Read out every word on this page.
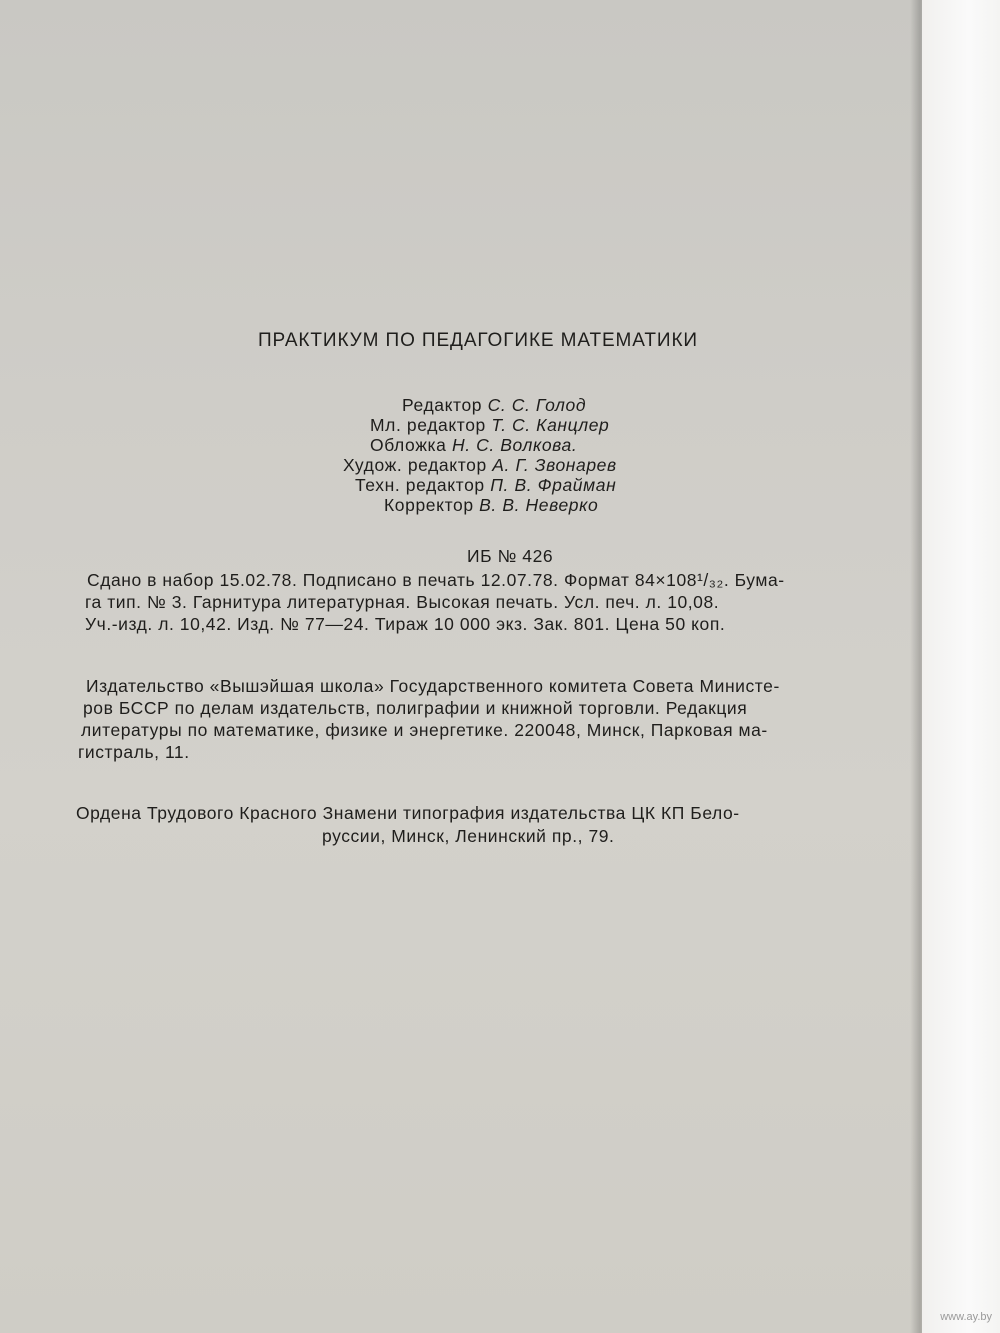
ПРАКТИКУМ ПО ПЕДАГОГИКЕ МАТЕМАТИКИ
Редактор С. С. Голод
Мл. редактор Т. С. Канцлер
Обложка Н. С. Волкова.
Худож. редактор А. Г. Звонарев
Техн. редактор П. В. Фрайман
Корректор В. В. Неверко
ИБ № 426
Сдано в набор 15.02.78. Подписано в печать 12.07.78. Формат 84×108¹/₃₂. Бума-
га тип. № 3. Гарнитура литературная. Высокая печать. Усл. печ. л. 10,08.
Уч.-изд. л. 10,42. Изд. № 77—24. Тираж 10 000 экз. Зак. 801. Цена 50 коп.
Издательство «Вышэйшая школа» Государственного комитета Совета Министе-
ров БССР по делам издательств, полиграфии и книжной торговли. Редакция
литературы по математике, физике и энергетике. 220048, Минск, Парковая ма-
гистраль, 11.
Ордена Трудового Красного Знамени типография издательства ЦК КП Бело-
руссии, Минск, Ленинский пр., 79.
www.ay.by
